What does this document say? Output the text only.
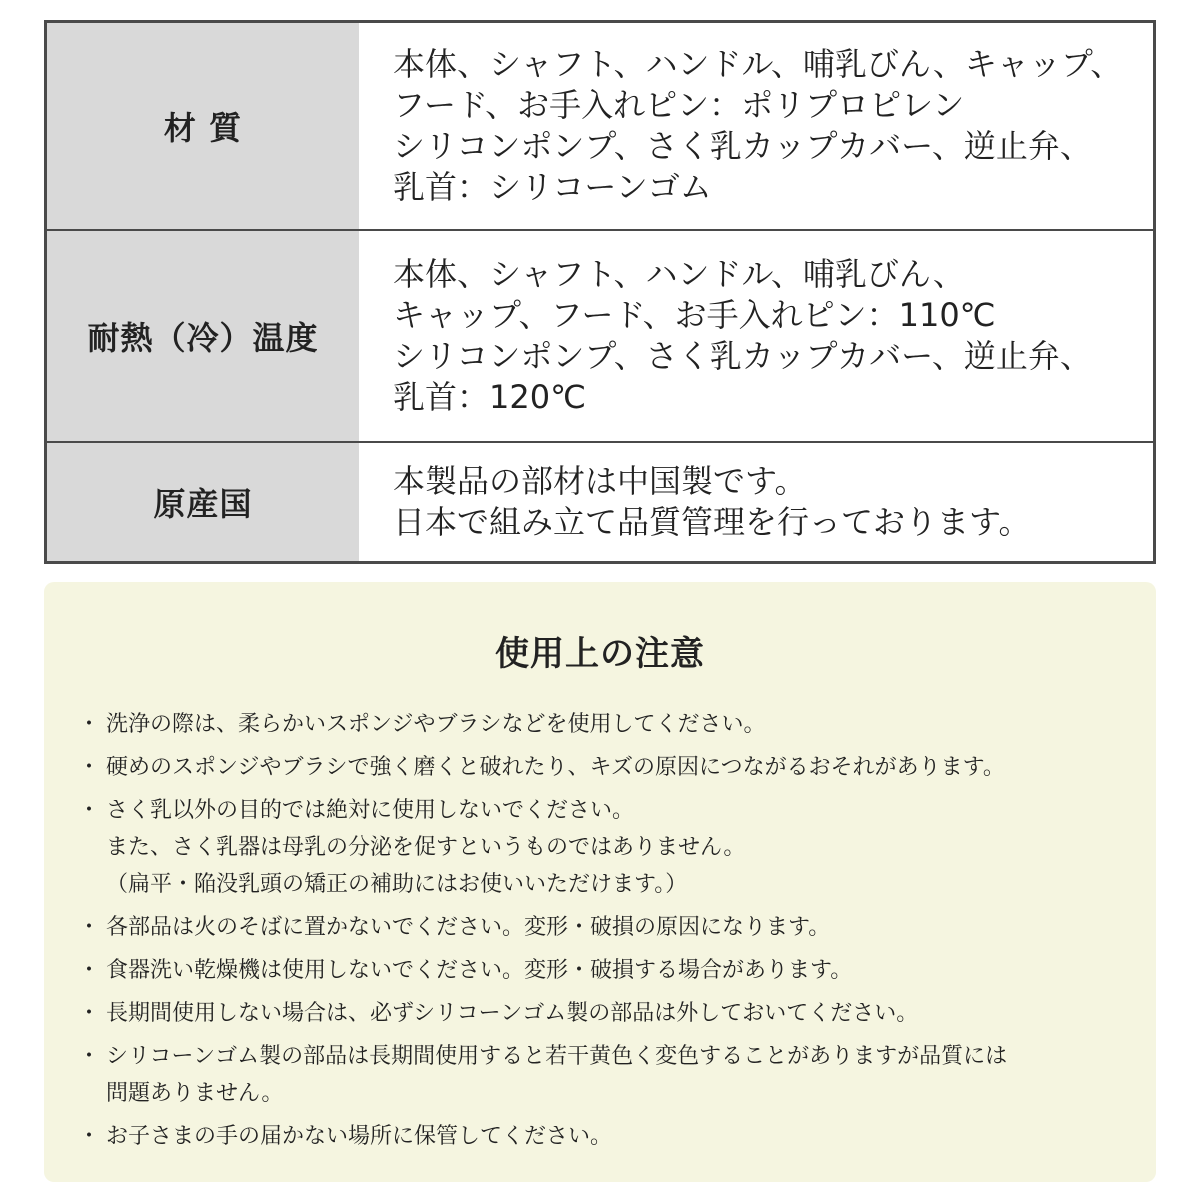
材 質
本体、シャフト、ハンドル、哺乳びん、キャップ、
フード、お手入れピン：ポリプロピレン
シリコンポンプ、さく乳カップカバー、逆止弁、
乳首：シリコーンゴム
耐熱（冷）温度
本体、シャフト、ハンドル、哺乳びん、
キャップ、フード、お手入れピン：110℃
シリコンポンプ、さく乳カップカバー、逆止弁、
乳首：120℃
原産国
本製品の部材は中国製です。
日本で組み立て品質管理を行っております。
使用上の注意
・ 洗浄の際は、柔らかいスポンジやブラシなどを使用してください。
・ 硬めのスポンジやブラシで強く磨くと破れたり、キズの原因につながるおそれがあります。
・ さく乳以外の目的では絶対に使用しないでください。
また、さく乳器は母乳の分泌を促すというものではありません。
（扁平・陥没乳頭の矯正の補助にはお使いいただけます。）
・ 各部品は火のそばに置かないでください。変形・破損の原因になります。
・ 食器洗い乾燥機は使用しないでください。変形・破損する場合があります。
・ 長期間使用しない場合は、必ずシリコーンゴム製の部品は外しておいてください。
・ シリコーンゴム製の部品は長期間使用すると若干黄色く変色することがありますが品質には
問題ありません。
・ お子さまの手の届かない場所に保管してください。
